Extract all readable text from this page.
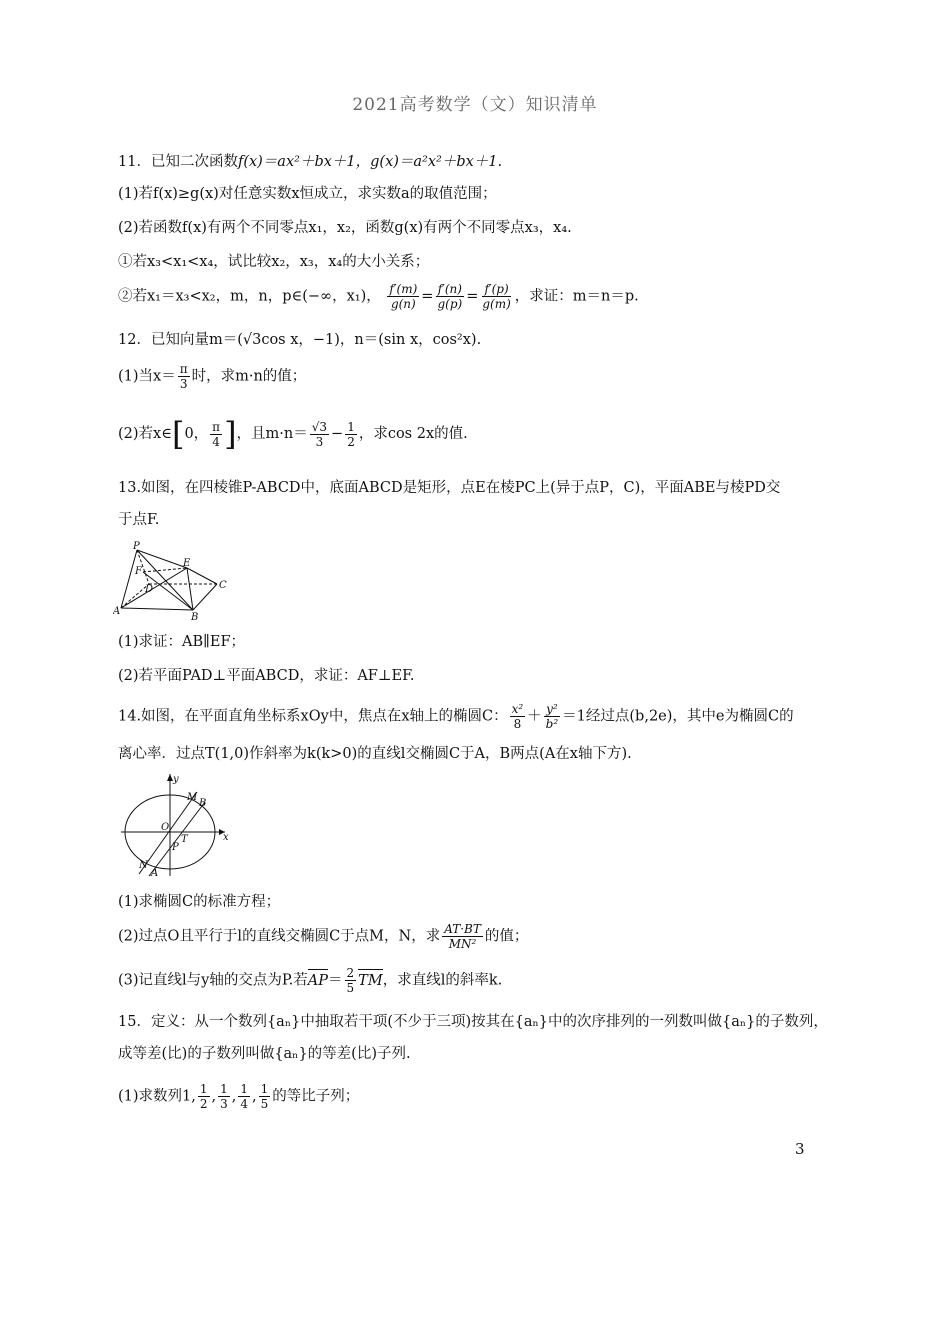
2021高考数学（文）知识清单
11．已知二次函数f(x)＝ax²＋bx＋1，g(x)＝a²x²＋bx＋1.
(1)若f(x)≥g(x)对任意实数x恒成立，求实数a的取值范围；
(2)若函数f(x)有两个不同零点x₁，x₂，函数g(x)有两个不同零点x₃，x₄.
①若x₃<x₁<x₄，试比较x₂，x₃，x₄的大小关系；
②若x₁＝x₃<x₂，m，n，p∈(−∞，x₁)， $\frac{f'(m)}{g(n)} = \frac{f'(n)}{g(p)} = \frac{f'(p)}{g(m)}$ ，求证：m＝n＝p.
12．已知向量m＝(√3cos x，−1)，n＝(sin x，cos²x).
(1)当$x= \frac{\pi}{3}$ 时，求m·n的值；
(2)若x∈ [ 0， $\frac{\pi}{4}$ ] ，且$m\cdot n= \frac{√3}{3} - \frac{1}{2}$ ，求cos 2x的值.
13.如图，在四棱锥P-ABCD中，底面ABCD是矩形，点E在棱PC上(异于点P，C)，平面ABE与棱PD交
于点F.
P
F
E
D	C
A
B
(1)求证：AB∥EF；
(2)若平面PAD⊥平面ABCD，求证：AF⊥EF.
14.如图，在平面直角坐标系xOy中，焦点在x轴上的椭圆C： $\frac{\text{x²}}{8} + \frac{\text{y²}}{\text{b²}} =1$经过点(b,2e)，其中e为椭圆C的
离心率．过点T(1,0)作斜率为k(k>0)的直线l交椭圆C于A，B两点(A在x轴下方).
y
M
B
O
x
T
P
N
A
(1)求椭圆C的标准方程；
(2)过点O且平行于l的直线交椭圆C于点M，N，求 $\frac{AT\cdot BT}{\text{MN²}}$ 的值；
(3)记直线l与y轴的交点为P.若$AP= \frac{2}{5}$ TM，求直线l的斜率k.
15．定义：从一个数列{aₙ}中抽取若干项(不少于三项)按其在{aₙ}中的次序排列的一列数叫做{aₙ}的子数列，
成等差(比)的子数列叫做{aₙ}的等差(比)子列.
(1)求数列1, $\frac{1}{2}$ , $\frac{1}{3}$ , $\frac{1}{4}$ , $\frac{1}{5}$ 的等比子列；
3
